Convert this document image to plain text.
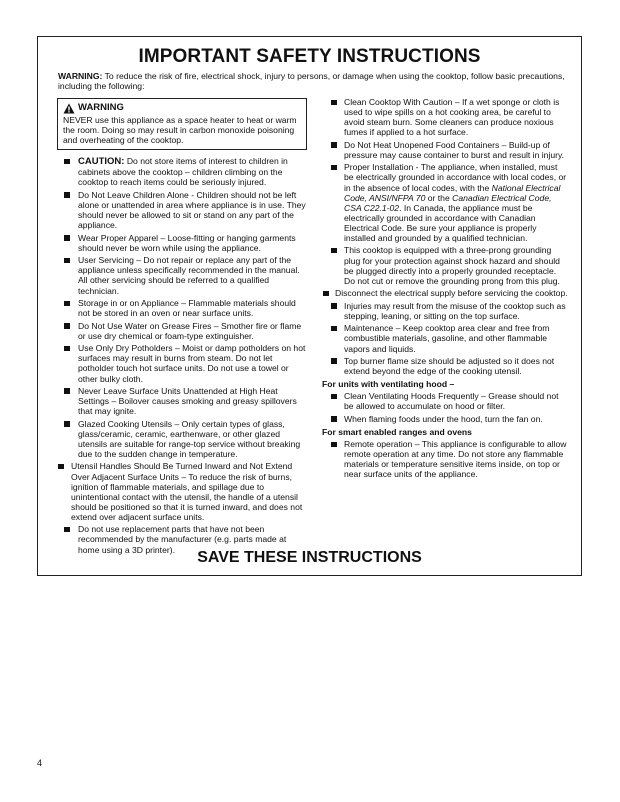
IMPORTANT SAFETY INSTRUCTIONS

WARNING: To reduce the risk of fire, electrical shock, injury to persons, or damage when using the cooktop, follow basic precautions, including the following:

WARNING
NEVER use this appliance as a space heater to heat or warm the room. Doing so may result in carbon monoxide poisoning and overheating of the cooktop.
CAUTION: Do not store items of interest to children in cabinets above the cooktop – children climbing on the cooktop to reach items could be seriously injured.
Do Not Leave Children Alone - Children should not be left alone or unattended in area where appliance is in use. They should never be allowed to sit or stand on any part of the appliance.
Wear Proper Apparel – Loose-fitting or hanging garments should never be worn while using the appliance.
User Servicing – Do not repair or replace any part of the appliance unless specifically recommended in the manual. All other servicing should be referred to a qualified technician.
Storage in or on Appliance – Flammable materials should not be stored in an oven or near surface units.
Do Not Use Water on Grease Fires – Smother fire or flame or use dry chemical or foam-type extinguisher.
Use Only Dry Potholders – Moist or damp potholders on hot surfaces may result in burns from steam. Do not let potholder touch hot surface units. Do not use a towel or other bulky cloth.
Never Leave Surface Units Unattended at High Heat Settings – Boilover causes smoking and greasy spillovers that may ignite.
Glazed Cooking Utensils – Only certain types of glass, glass/ceramic, ceramic, earthenware, or other glazed utensils are suitable for range-top service without breaking due to the sudden change in temperature.
Utensil Handles Should Be Turned Inward and Not Extend Over Adjacent Surface Units – To reduce the risk of burns, ignition of flammable materials, and spillage due to unintentional contact with the utensil, the handle of a utensil should be positioned so that it is turned inward, and does not extend over adjacent surface units.
Do not use replacement parts that have not been recommended by the manufacturer (e.g. parts made at home using a 3D printer).
Clean Cooktop With Caution – If a wet sponge or cloth is used to wipe spills on a hot cooking area, be careful to avoid steam burn. Some cleaners can produce noxious fumes if applied to a hot surface.
Do Not Heat Unopened Food Containers – Build-up of pressure may cause container to burst and result in injury.
Proper Installation - The appliance, when installed, must be electrically grounded in accordance with local codes, or in the absence of local codes, with the National Electrical Code, ANSI/NFPA 70 or the Canadian Electrical Code, CSA C22.1-02. In Canada, the appliance must be electrically grounded in accordance with Canadian Electrical Code. Be sure your appliance is properly installed and grounded by a qualified technician.
This cooktop is equipped with a three-prong grounding plug for your protection against shock hazard and should be plugged directly into a properly grounded receptacle. Do not cut or remove the grounding prong from this plug.
Disconnect the electrical supply before servicing the cooktop.
Injuries may result from the misuse of the cooktop such as stepping, leaning, or sitting on the top surface.
Maintenance – Keep cooktop area clear and free from combustible materials, gasoline, and other flammable vapors and liquids.
Top burner flame size should be adjusted so it does not extend beyond the edge of the cooking utensil.
For units with ventilating hood –
Clean Ventilating Hoods Frequently – Grease should not be allowed to accumulate on hood or filter.
When flaming foods under the hood, turn the fan on.
For smart enabled ranges and ovens
Remote operation – This appliance is configurable to allow remote operation at any time. Do not store any flammable materials or temperature sensitive items inside, on top or near surface units of the appliance.
SAVE THESE INSTRUCTIONS
4
